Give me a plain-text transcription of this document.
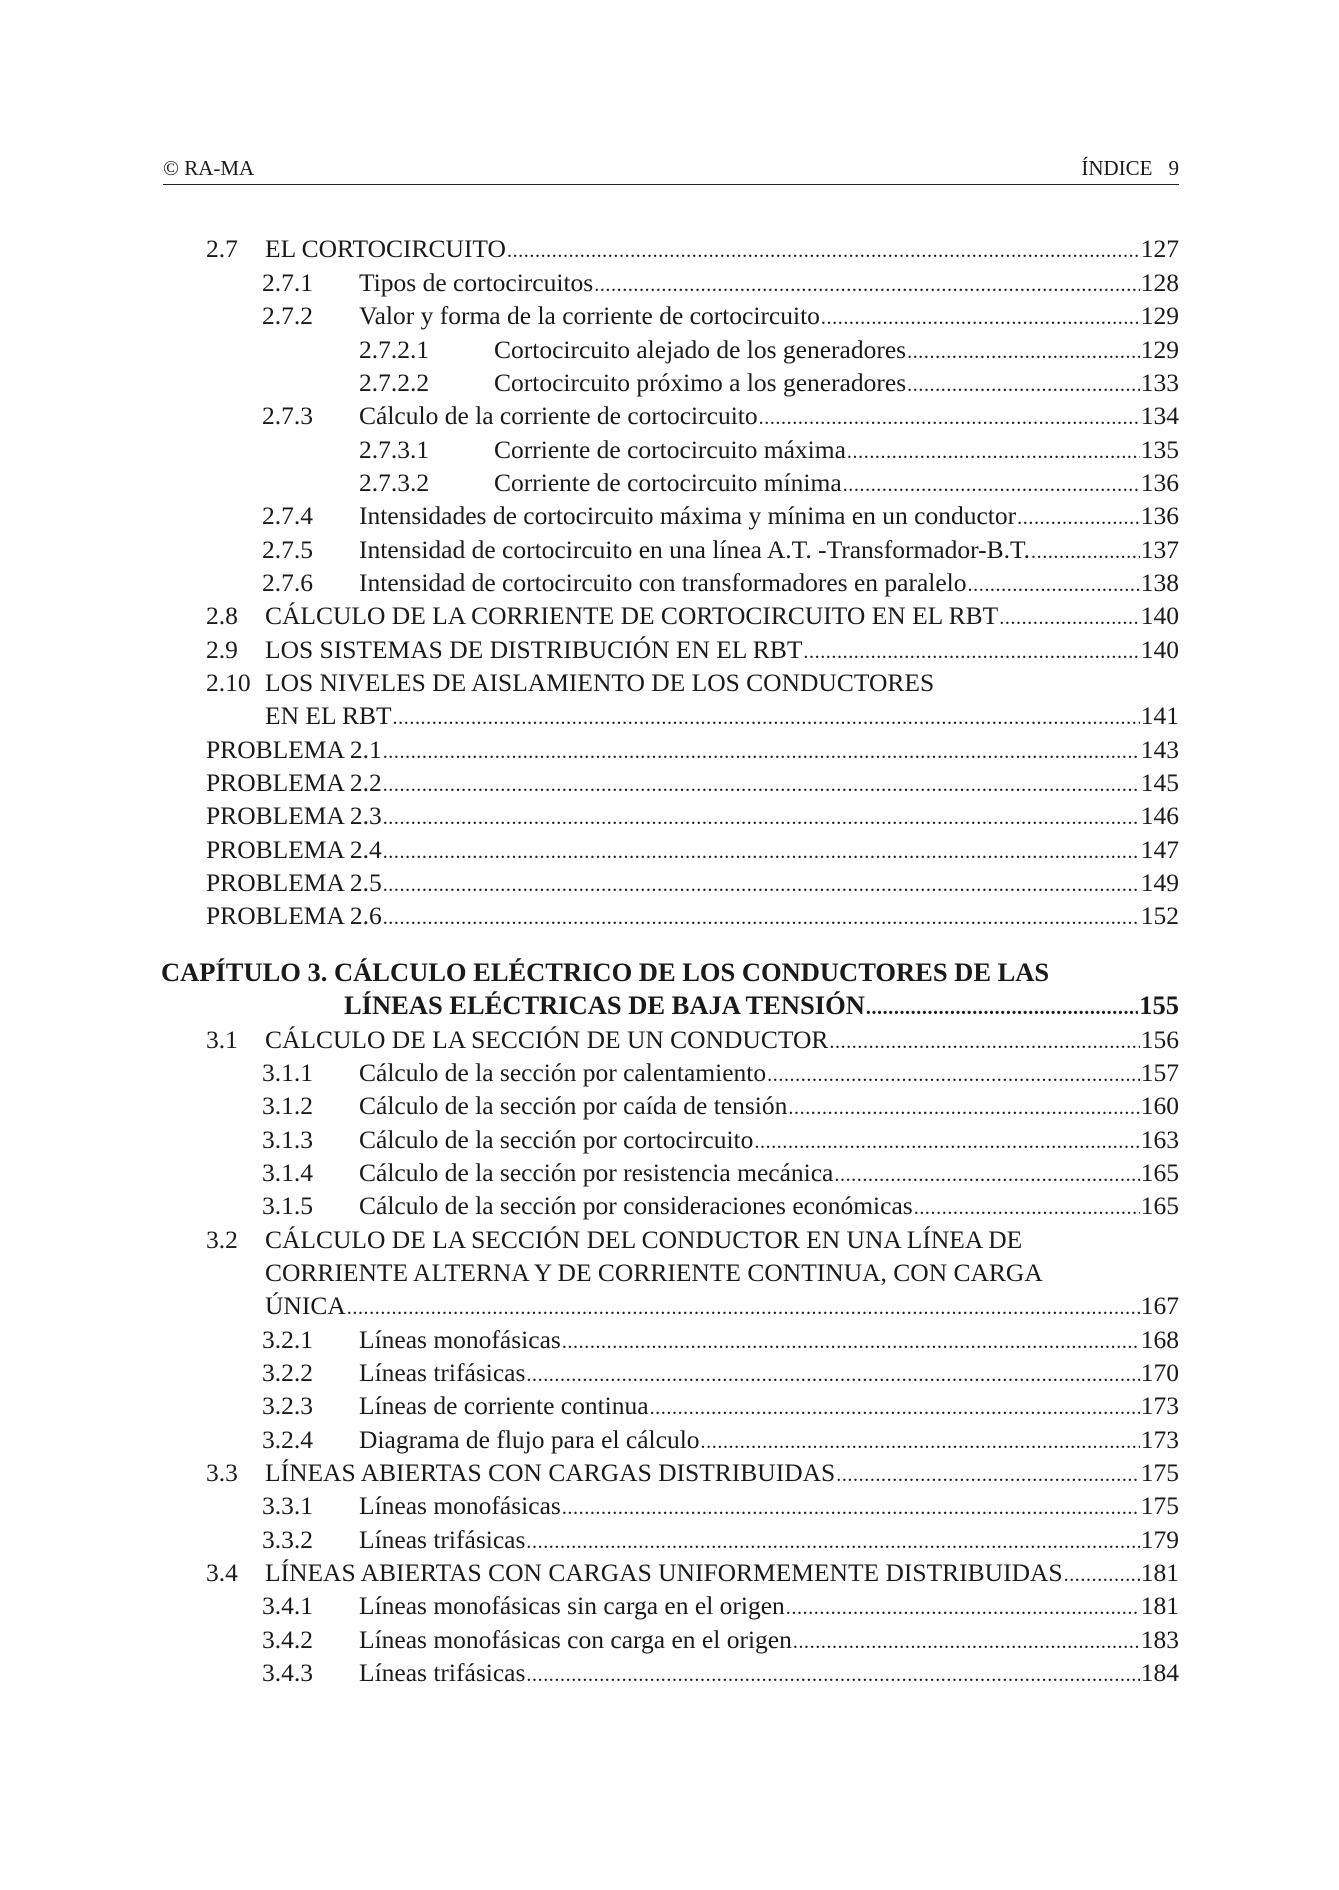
© RA-MA	ÍNDICE 9
2.7 EL CORTOCIRCUITO . . .	127
2.7.1 Tipos de cortocircuitos . . .	128
2.7.2 Valor y forma de la corriente de cortocircuito . . .	129
2.7.2.1	Cortocircuito alejado de los generadores . . .	129
2.7.2.2	Cortocircuito próximo a los generadores . . .	133
2.7.3 Cálculo de la corriente de cortocircuito . . .	134
2.7.3.1	Corriente de cortocircuito máxima . . .	135
2.7.3.2	Corriente de cortocircuito mínima . . .	136
2.7.4 Intensidades de cortocircuito máxima y mínima en un conductor . . .	136
2.7.5 Intensidad de cortocircuito en una línea A.T. -Transformador-B.T. . . .	137
2.7.6 Intensidad de cortocircuito con transformadores en paralelo . . .	138
2.8 CÁLCULO DE LA CORRIENTE DE CORTOCIRCUITO EN EL RBT . . .	140
2.9 LOS SISTEMAS DE DISTRIBUCIÓN EN EL RBT . . .	140
2.10 LOS NIVELES DE AISLAMIENTO DE LOS CONDUCTORES
EN EL RBT . . .	141
PROBLEMA 2.1 . . .	143
PROBLEMA 2.2 . . .	145
PROBLEMA 2.3 . . .	146
PROBLEMA 2.4 . . .	147
PROBLEMA 2.5 . . .	149
PROBLEMA 2.6 . . .	152
CAPÍTULO 3. CÁLCULO ELÉCTRICO DE LOS CONDUCTORES DE LAS
LÍNEAS ELÉCTRICAS DE BAJA TENSIÓN . . .	155
3.1 CÁLCULO DE LA SECCIÓN DE UN CONDUCTOR . . .	156
3.1.1 Cálculo de la sección por calentamiento . . .	157
3.1.2 Cálculo de la sección por caída de tensión . . .	160
3.1.3 Cálculo de la sección por cortocircuito . . .	163
3.1.4 Cálculo de la sección por resistencia mecánica . . .	165
3.1.5 Cálculo de la sección por consideraciones económicas . . .	165
3.2 CÁLCULO DE LA SECCIÓN DEL CONDUCTOR EN UNA LÍNEA DE
CORRIENTE ALTERNA Y DE CORRIENTE CONTINUA, CON CARGA
ÚNICA . . .	167
3.2.1 Líneas monofásicas . . .	168
3.2.2 Líneas trifásicas . . .	170
3.2.3 Líneas de corriente continua . . .	173
3.2.4 Diagrama de flujo para el cálculo . . .	173
3.3 LÍNEAS ABIERTAS CON CARGAS DISTRIBUIDAS . . .	175
3.3.1 Líneas monofásicas . . .	175
3.3.2 Líneas trifásicas . . .	179
3.4 LÍNEAS ABIERTAS CON CARGAS UNIFORMEMENTE DISTRIBUIDAS . . .	181
3.4.1 Líneas monofásicas sin carga en el origen . . .	181
3.4.2 Líneas monofásicas con carga en el origen . . .	183
3.4.3 Líneas trifásicas . . .	184
